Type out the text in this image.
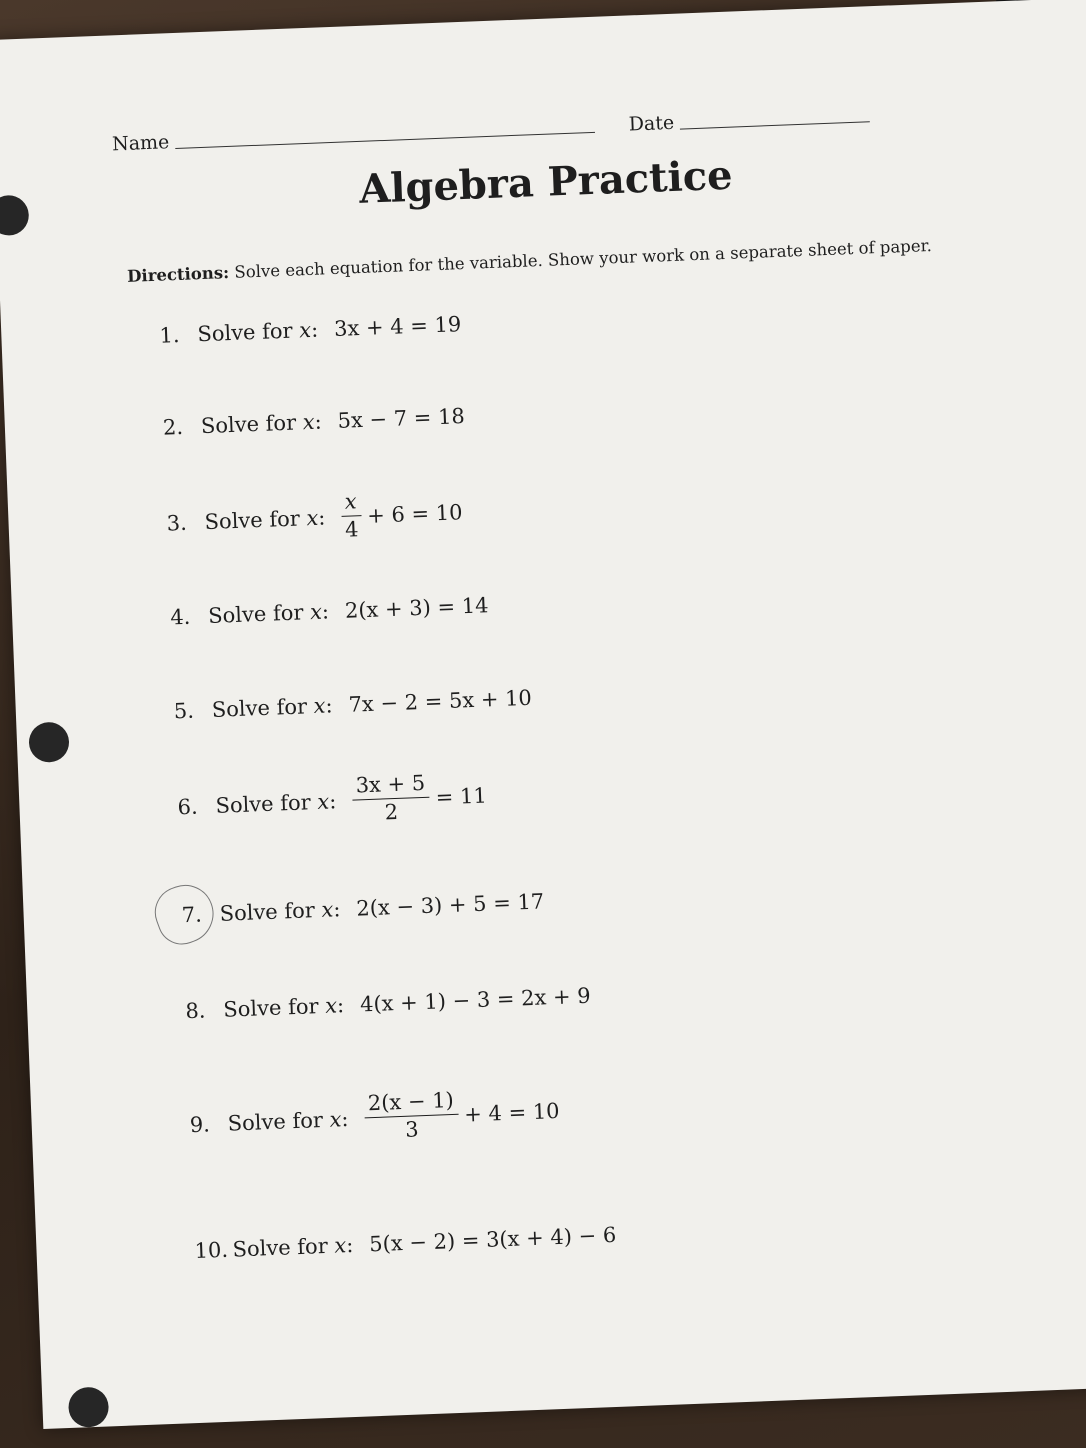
Name
Date
Algebra Practice
Directions: Solve each equation for the variable. Show your work on a separate sheet of paper.
1. Solve for x: 3x + 4 = 19
2. Solve for x: 5x − 7 = 18
3. Solve for x: $\frac{x}{4} + 6 = 10$
4. Solve for x: 2(x + 3) = 14
5. Solve for x: 7x − 2 = 5x + 10
6. Solve for x: $\frac{3x + 5}{2} = 11$
7. Solve for x: 2(x − 3) + 5 = 17
8. Solve for x: 4(x + 1) − 3 = 2x + 9
9. Solve for x: $\frac{2(x - 1)}{3} + 4 = 10$
10. Solve for x: 5(x − 2) = 3(x + 4) − 6
